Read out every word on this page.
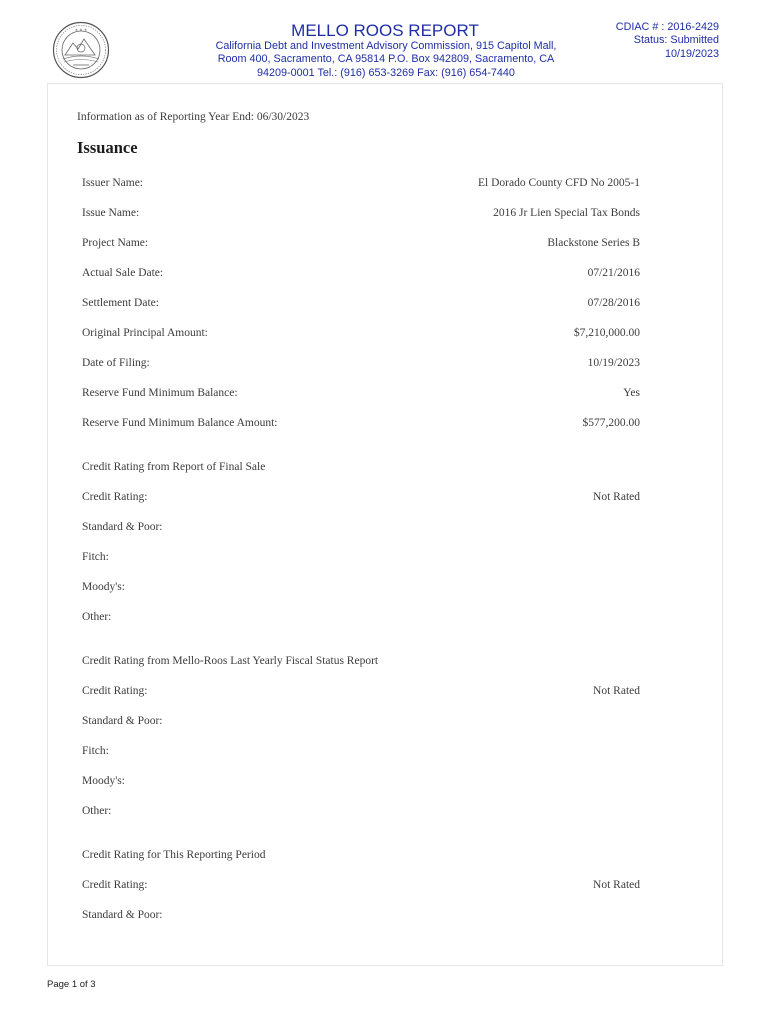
∗ ∗ ∗	MELLO ROOS REPORT
California Debt and Investment Advisory Commission, 915 Capitol Mall,
Room 400, Sacramento, CA 95814 P.O. Box 942809, Sacramento, CA
94209-0001 Tel.: (916) 653-3269 Fax: (916) 654-7440
CDIAC # : 2016-2429
Status: Submitted
10/19/2023
Information as of Reporting Year End: 06/30/2023
Issuance
Issuer Name:	El Dorado County CFD No 2005-1
Issue Name:	2016 Jr Lien Special Tax Bonds
Project Name:	Blackstone Series B
Actual Sale Date:	07/21/2016
Settlement Date:	07/28/2016
Original Principal Amount:	$7,210,000.00
Date of Filing:	10/19/2023
Reserve Fund Minimum Balance:	Yes
Reserve Fund Minimum Balance Amount:	$577,200.00
Credit Rating from Report of Final Sale
Credit Rating:	Not Rated
Standard & Poor:
Fitch:
Moody's:
Other:
Credit Rating from Mello-Roos Last Yearly Fiscal Status Report
Credit Rating:	Not Rated
Standard & Poor:
Fitch:
Moody's:
Other:
Credit Rating for This Reporting Period
Credit Rating:	Not Rated
Standard & Poor:
Page 1 of 3
